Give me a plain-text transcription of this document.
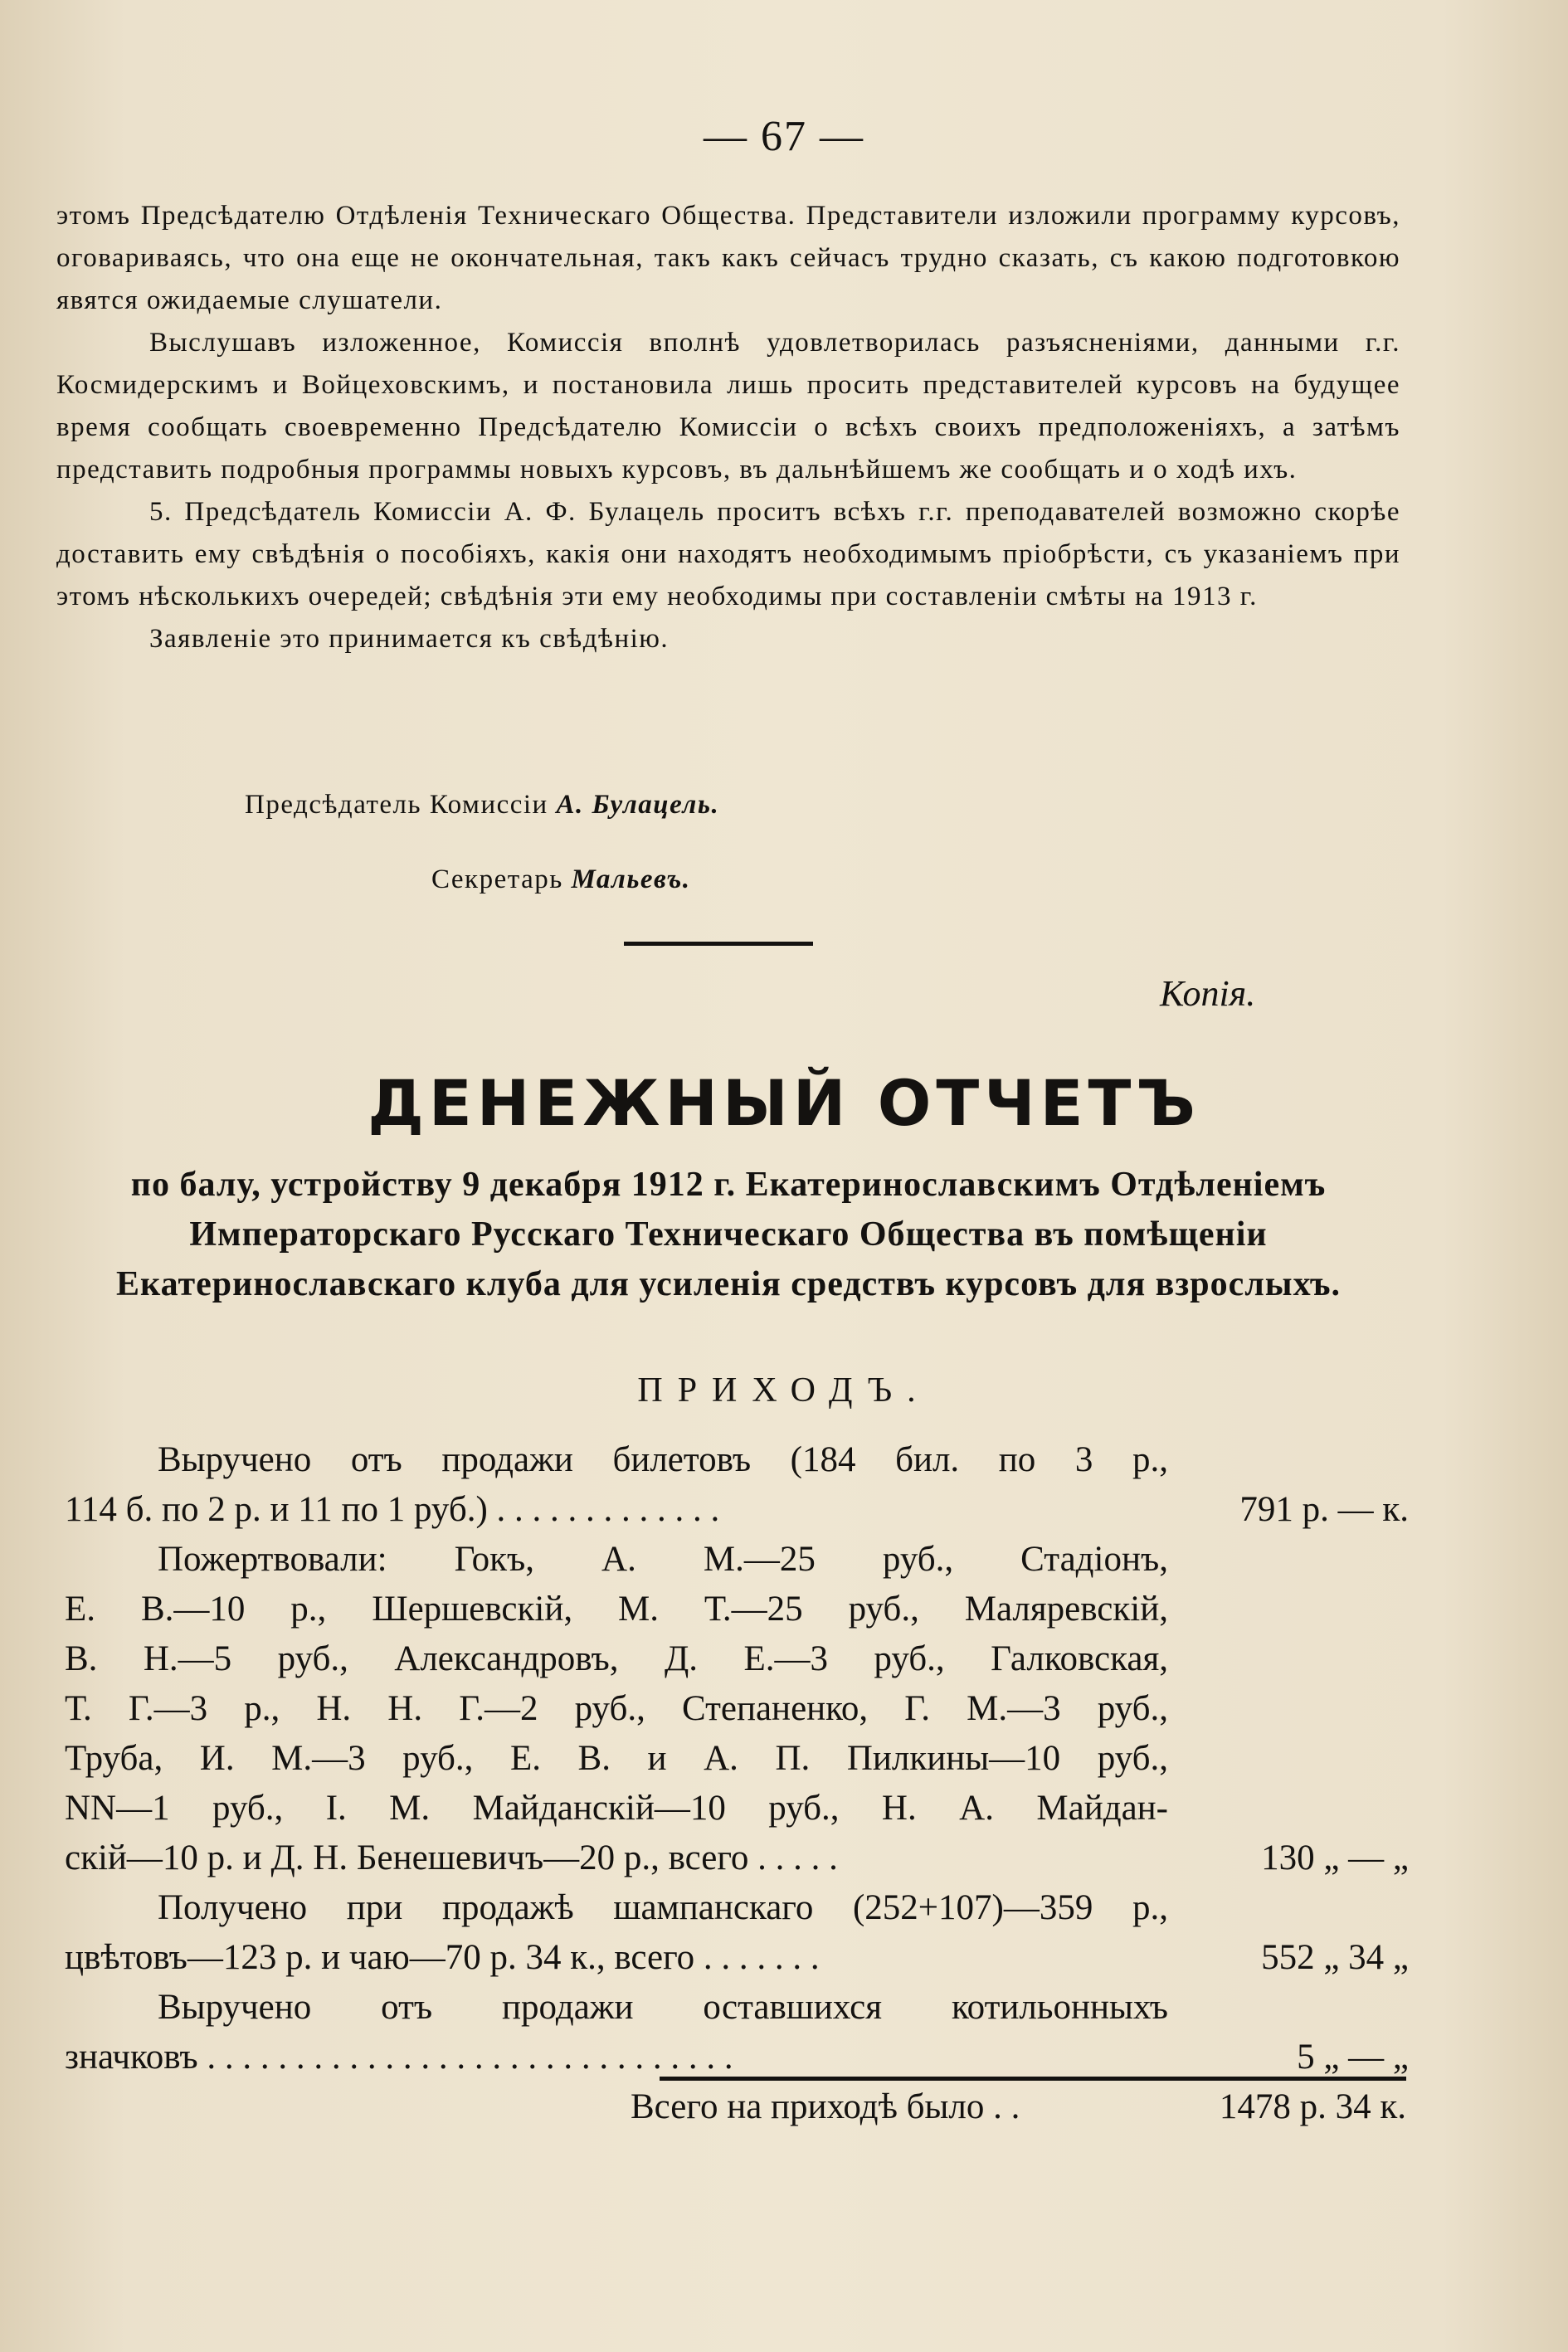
— 67 —

этомъ Предсѣдателю Отдѣленія Техническаго Общества. Представители изложили программу курсовъ, оговариваясь, что она еще не окончательная, такъ какъ сейчасъ трудно сказать, съ какою подготовкою явятся ожидаемые слушатели.

Выслушавъ изложенное, Комиссія вполнѣ удовлетворилась разъясненіями, данными г.г. Космидерскимъ и Войцеховскимъ, и постановила лишь просить представителей курсовъ на будущее время сообщать своевременно Предсѣдателю Комиссіи о всѣхъ своихъ предположеніяхъ, а затѣмъ представить подробныя программы новыхъ курсовъ, въ дальнѣйшемъ же сообщать и о ходѣ ихъ.

5. Предсѣдатель Комиссіи А. Ф. Булацель проситъ всѣхъ г.г. преподавателей возможно скорѣе доставить ему свѣдѣнія о пособіяхъ, какія они находятъ необходимымъ пріобрѣсти, съ указаніемъ при этомъ нѣсколькихъ очередей; свѣдѣнія эти ему необходимы при составленіи смѣты на 1913 г.

Заявленіе это принимается къ свѣдѣнію.

Предсѣдатель Комиссіи А. Булацель.
Секретарь Мальевъ.
Копія.
ДЕНЕЖНЫЙ ОТЧЕТЪ
по балу, устройству 9 декабря 1912 г. Екатеринославскимъ Отдѣленіемъ Императорскаго Русскаго Техническаго Общества въ помѣщеніи Екатеринославскаго клуба для усиленія средствъ курсовъ для взрослыхъ.
ПРИХОДЪ.

Выручено отъ продажи билетовъ (184 бил. по 3 р.,

114 б. по 2 р. и 11 по 1 руб.) . . . . . . . . . . . . .	791 р. — к.

Пожертвовали: Гокъ, А. М.—25 руб., Стадіонъ,

Е. В.—10 р., Шершевскій, М. Т.—25 руб., Маляревскій,

В. Н.—5 руб., Александровъ, Д. Е.—3 руб., Галковская,

Т. Г.—3 р., Н. Н. Г.—2 руб., Степаненко, Г. М.—3 руб.,

Труба, И. М.—3 руб., Е. В. и А. П. Пилкины—10 руб.,

NN—1 руб., І. М. Майданскій—10 руб., Н. А. Майдан-

скій—10 р. и Д. Н. Бенешевичъ—20 р., всего . . . . .	130 „ — „

Получено при продажѣ шампанскаго (252+107)—359 р.,

цвѣтовъ—123 р. и чаю—70 р. 34 к., всего . . . . . . .	552 „ 34 „

Выручено отъ продажи оставшихся котильонныхъ

значковъ . . . . . . . . . . . . . . . . . . . . . . . . . . . . . .	5 „ — „
Всего на приходѣ было . .	1478 р. 34 к.
